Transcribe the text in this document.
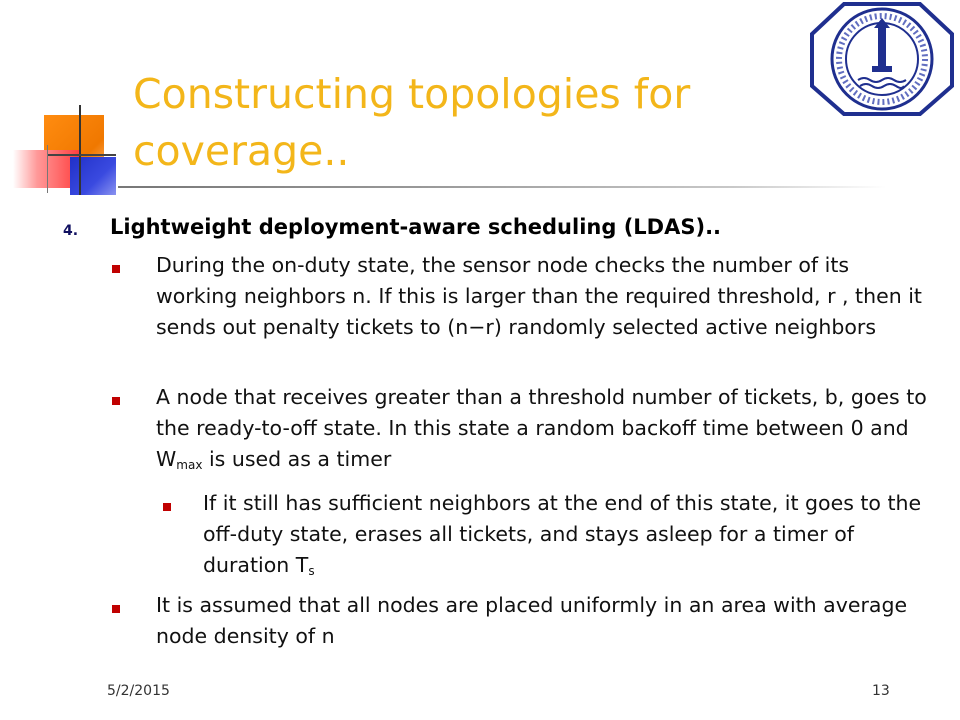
Constructing topologies for coverage..
4. Lightweight deployment-aware scheduling (LDAS)..
During the on-duty state, the sensor node checks the number of its working neighbors n. If this is larger than the required threshold, r , then it sends out penalty tickets to (n−r) randomly selected active neighbors
A node that receives greater than a threshold number of tickets, b, goes to the ready-to-off state. In this state a random backoff time between 0 and $W_{max}$ is used as a timer
If it still has sufficient neighbors at the end of this state, it goes to the off-duty state, erases all tickets, and stays asleep for a timer of duration $T_s$
It is assumed that all nodes are placed uniformly in an area with average node density of n
5/2/2015	13
